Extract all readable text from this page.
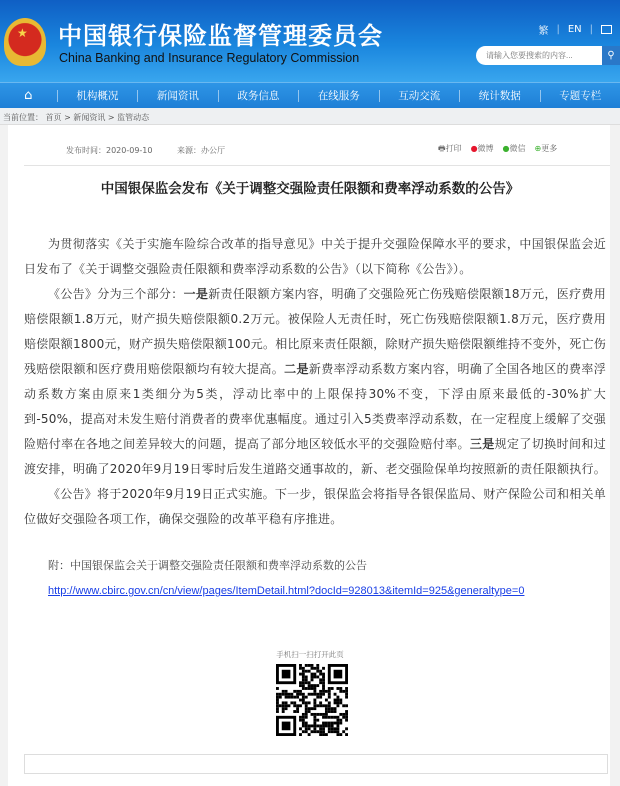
★ 中国银行保险监督管理委员会
China Banking and Insurance Regulatory Commission
繁 | EN |
请输入您要搜索的内容...
⚲
⌂	机构概况	新闻资讯	政务信息	在线服务	互动交流	统计数据	专题专栏
当前位置： 首页 > 新闻资讯 > 监管动态
发布时间：2020-09-10	来源：办公厅	🖶打印 ●微博 ●微信 ⊕更多
中国银保监会发布《关于调整交强险责任限额和费率浮动系数的公告》

为贯彻落实《关于实施车险综合改革的指导意见》中关于提升交强险保障水平的要求，中国银保监会近日发布了《关于调整交强险责任限额和费率浮动系数的公告》（以下简称《公告》）。

《公告》分为三个部分：一是新责任限额方案内容，明确了交强险死亡伤残赔偿限额18万元，医疗费用赔偿限额1.8万元，财产损失赔偿限额0.2万元。被保险人无责任时，死亡伤残赔偿限额1.8万元，医疗费用赔偿限额1800元，财产损失赔偿限额100元。相比原来责任限额，除财产损失赔偿限额维持不变外，死亡伤残赔偿限额和医疗费用赔偿限额均有较大提高。二是新费率浮动系数方案内容，明确了全国各地区的费率浮动系数方案由原来1类细分为5类，浮动比率中的上限保持30%不变，下浮由原来最低的-30%扩大到-50%，提高对未发生赔付消费者的费率优惠幅度。通过引入5类费率浮动系数，在一定程度上缓解了交强险赔付率在各地之间差异较大的问题，提高了部分地区较低水平的交强险赔付率。三是规定了切换时间和过渡安排，明确了2020年9月19日零时后发生道路交通事故的，新、老交强险保单均按照新的责任限额执行。

《公告》将于2020年9月19日正式实施。下一步，银保监会将指导各银保监局、财产保险公司和相关单位做好交强险各项工作，确保交强险的改革平稳有序推进。

附：中国银保监会关于调整交强险责任限额和费率浮动系数的公告
http://www.cbirc.gov.cn/cn/view/pages/ItemDetail.html?docId=928013&itemId=925&generaltype=0
手机扫一扫打开此页
